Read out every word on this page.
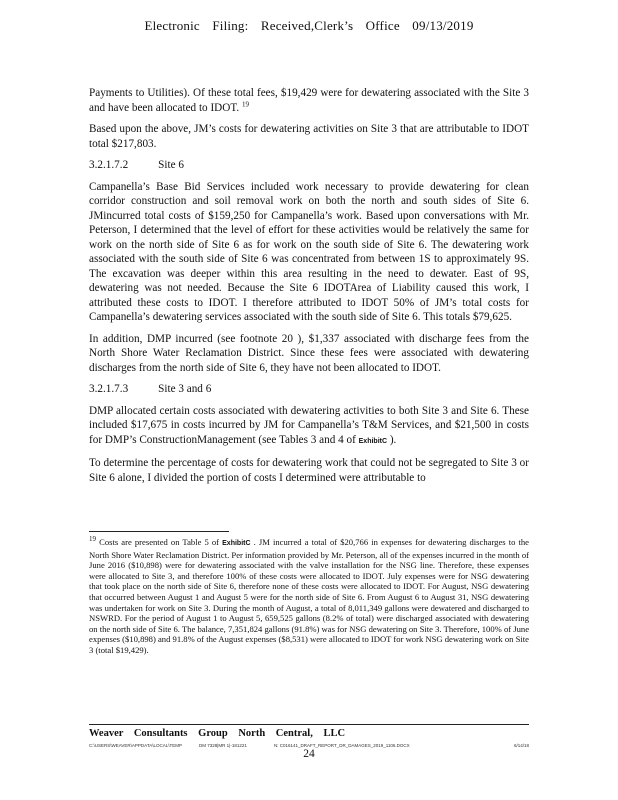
Electronic Filing: Received,Clerk’s Office 09/13/2019

Payments to Utilities). Of these total fees, $19,429 were for dewatering associated with the Site 3 and have been allocated to IDOT. $^{19}$

Based upon the above, JM’s costs for dewatering activities on Site 3 that are attributable to IDOT total $217,803.

3.2.1.7.2	Site 6

Campanella’s Base Bid Services included work necessary to provide dewatering for clean corridor construction and soil removal work on both the north and south sides of Site 6. JMincurred total costs of $159,250 for Campanella’s work. Based upon conversations with Mr. Peterson, I determined that the level of effort for these activities would be relatively the same for work on the north side of Site 6 as for work on the south side of Site 6. The dewatering work associated with the south side of Site 6 was concentrated from between 1S to approximately 9S. The excavation was deeper within this area resulting in the need to dewater. East of 9S, dewatering was not needed. Because the Site 6 IDOTArea of Liability caused this work, I attributed these costs to IDOT. I therefore attributed to IDOT 50% of JM’s total costs for Campanella’s dewatering services associated with the south side of Site 6. This totals $79,625.

In addition, DMP incurred (see footnote 20 ), $1,337 associated with discharge fees from the North Shore Water Reclamation District. Since these fees were associated with dewatering discharges from the north side of Site 6, they have not been allocated to IDOT.

3.2.1.7.3	Site 3 and 6

DMP allocated certain costs associated with dewatering activities to both Site 3 and Site 6. These included $17,675 in costs incurred by JM for Campanella’s T&M Services, and $21,500 in costs for DMP’s ConstructionManagement (see Tables 3 and 4 of ExhibitC ).

To determine the percentage of costs for dewatering work that could not be segregated to Site 3 or Site 6 alone, I divided the portion of costs I determined were attributable to

$^{19}$ Costs are presented on Table 5 of ExhibitC . JM incurred a total of $20,766 in expenses for dewatering discharges to the North Shore Water Reclamation District. Per information provided by Mr. Peterson, all of the expenses incurred in the month of June 2016 ($10,898) were for dewatering associated with the valve installation for the NSG line. Therefore, these expenses were allocated to Site 3, and therefore 100% of these costs were allocated to IDOT. July expenses were for NSG dewatering that took place on the north side of Site 6, therefore none of these costs were allocated to IDOT. For August, NSG dewatering that occurred between August 1 and August 5 were for the north side of Site 6. From August 6 to August 31, NSG dewatering was undertaken for work on Site 3. During the month of August, a total of 8,011,349 gallons were dewatered and discharged to NSWRD. For the period of August 1 to August 5, 659,525 gallons (8.2% of total) were discharged associated with dewatering on the north side of Site 6. The balance, 7,351,824 gallons (91.8%) was for NSG dewatering on Site 3. Therefore, 100% of June expenses ($10,898) and 91.8% of the August expenses ($8,531) were allocated to IDOT for work NSG dewatering work on Site 3 (total $19,429).
Weaver Consultants Group North Central, LLC
C:\USERS\WEAVER\APPDATA\LOCAL\TEMP	DM 7328|MR 1|-181221	N: C016141_DRAFT_REPORT_DR_DAMAGES_2019_1106.DOCX	6/14/18
24
